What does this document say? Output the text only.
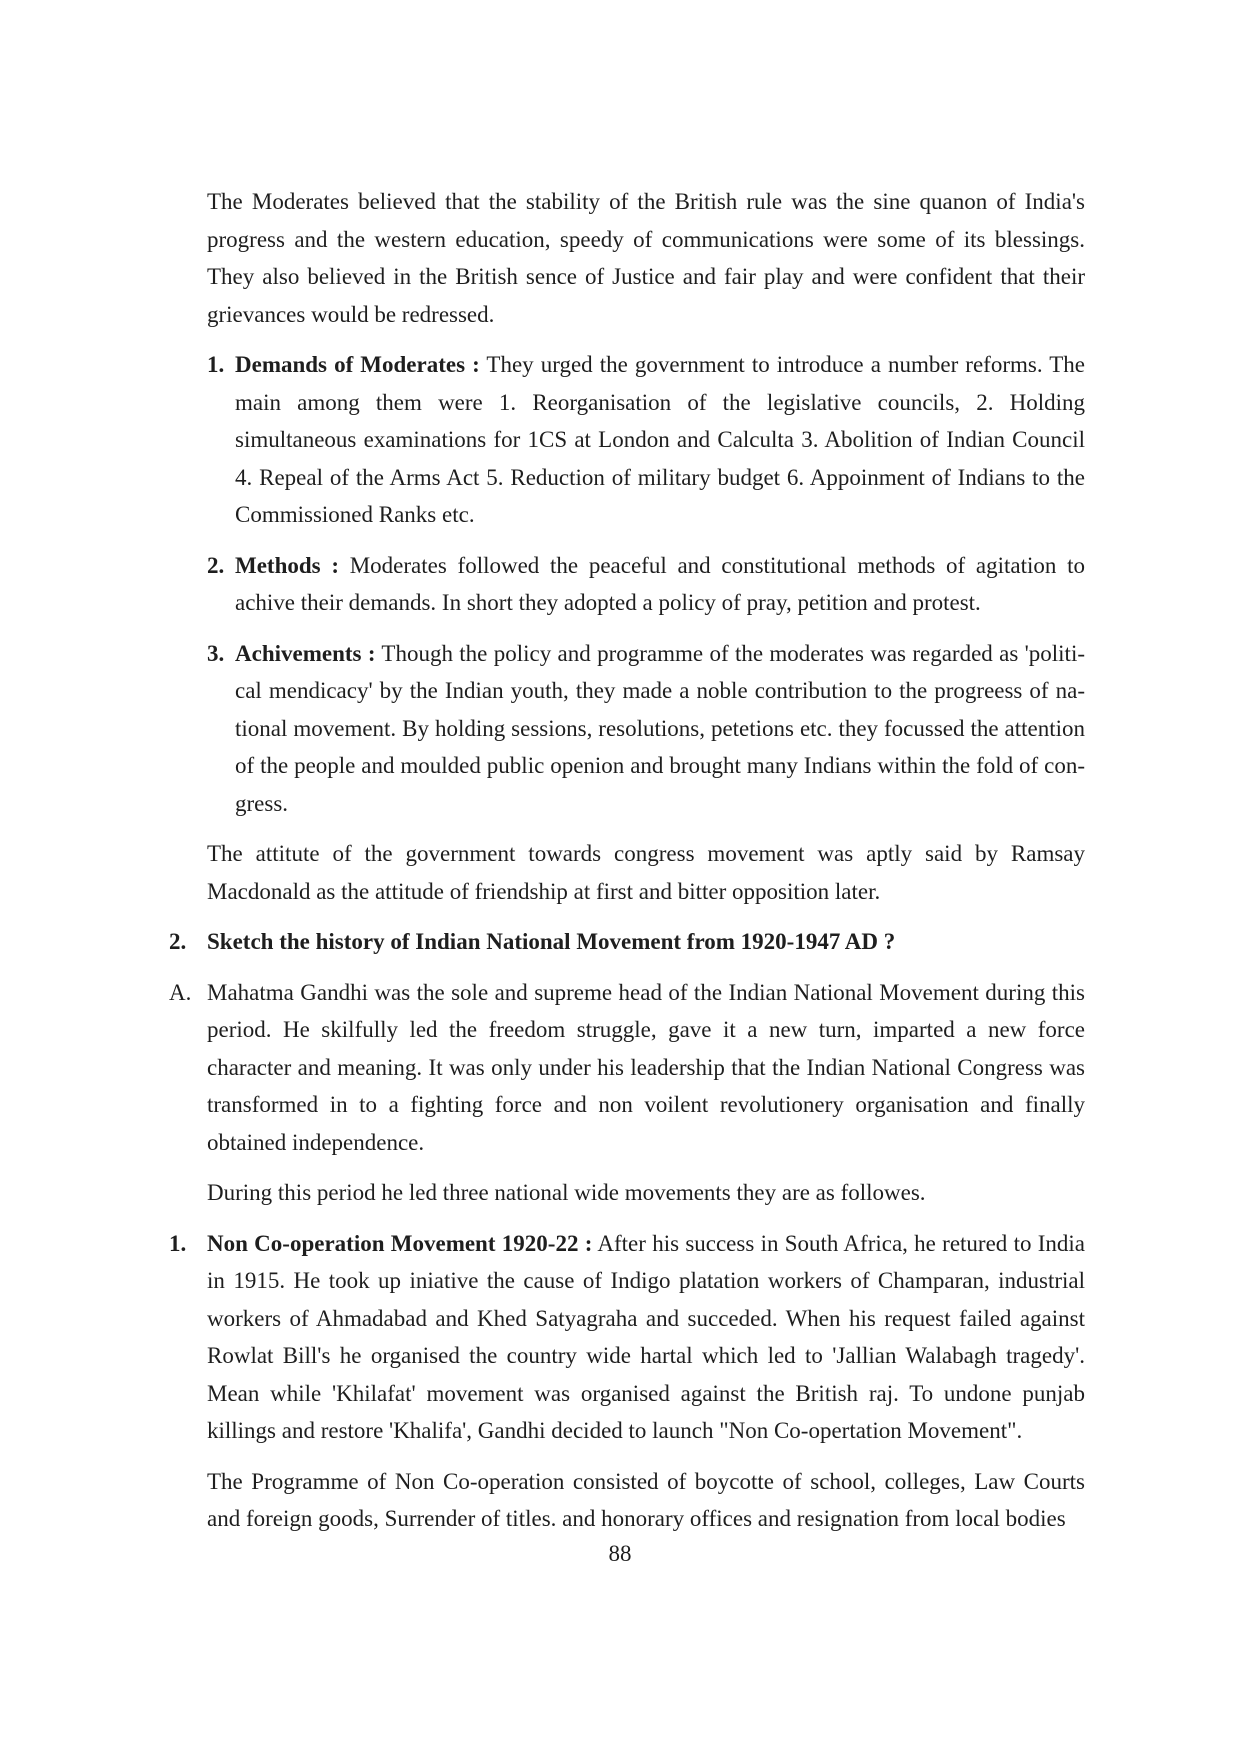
The Moderates believed that the stability of the British rule was the sine quanon of India's progress and the western education, speedy of communications were some of its blessings. They also believed in the British sence of Justice and fair play and were confident that their grievances would be redressed.

1. Demands of Moderates : They urged the government to introduce a number reforms. The main among them were 1. Reorganisation of the legislative councils, 2. Holding simultaneous examinations for 1CS at London and Calculta 3. Abolition of Indian Council 4. Repeal of the Arms Act 5. Reduction of military budget 6. Appoinment of Indians to the Commissioned Ranks etc.

2. Methods : Moderates followed the peaceful and constitutional methods of agitation to achive their demands. In short they adopted a policy of pray, petition and protest.

3. Achivements : Though the policy and programme of the moderates was regarded as 'politi-cal mendicacy' by the Indian youth, they made a noble contribution to the progreess of na-tional movement. By holding sessions, resolutions, petetions etc. they focussed the attention of the people and moulded public openion and brought many Indians within the fold of con-gress.

The attitute of the government towards congress movement was aptly said by Ramsay Macdonald as the attitude of friendship at first and bitter opposition later.

2. Sketch the history of Indian National Movement from 1920-1947 AD ?

A. Mahatma Gandhi was the sole and supreme head of the Indian National Movement during this period. He skilfully led the freedom struggle, gave it a new turn, imparted a new force character and meaning. It was only under his leadership that the Indian National Congress was transformed in to a fighting force and non voilent revolutionery organisation and finally obtained independence.

During this period he led three national wide movements they are as followes.

1. Non Co-operation Movement 1920-22 : After his success in South Africa, he retured to India in 1915. He took up iniative the cause of Indigo platation workers of Champaran, industrial workers of Ahmadabad and Khed Satyagraha and succeded. When his request failed against Rowlat Bill's he organised the country wide hartal which led to 'Jallian Walabagh tragedy'. Mean while 'Khilafat' movement was organised against the British raj. To undone punjab killings and restore 'Khalifa', Gandhi decided to launch "Non Co-opertation Movement".

The Programme of Non Co-operation consisted of boycotte of school, colleges, Law Courts and foreign goods, Surrender of titles. and honorary offices and resignation from local bodies

88
